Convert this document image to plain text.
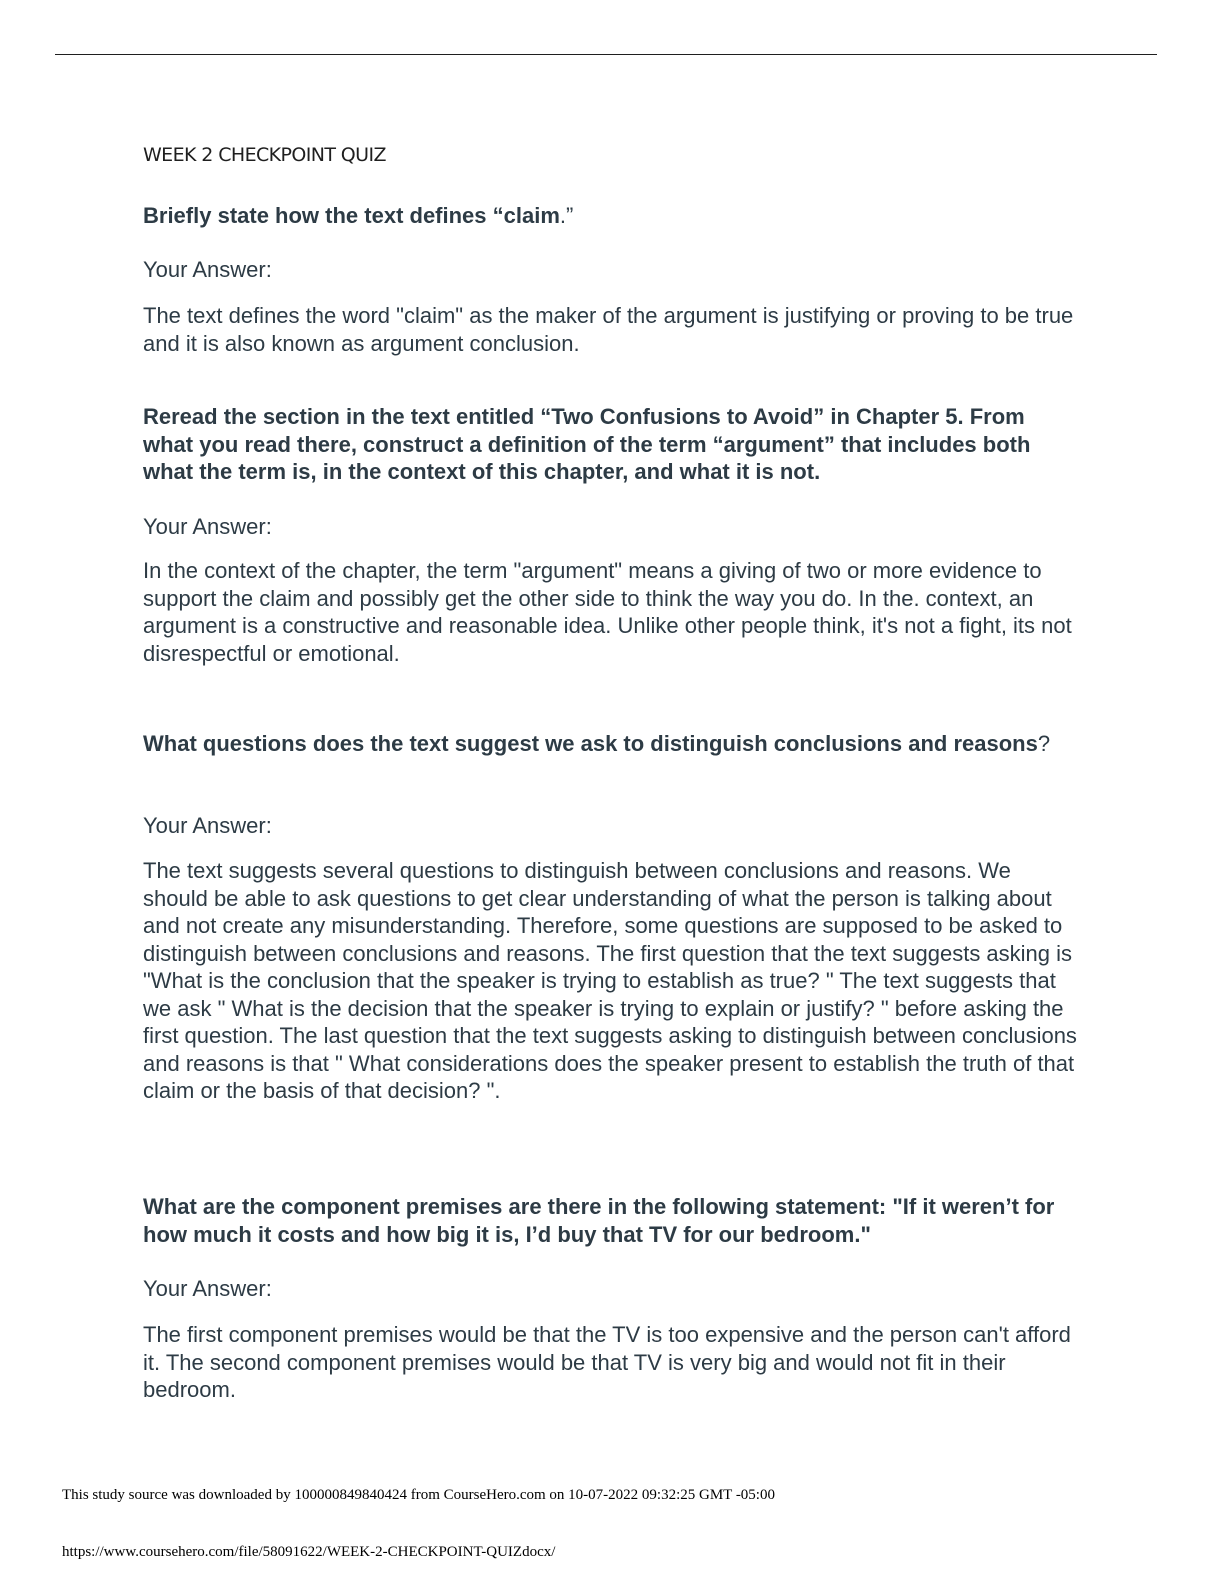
WEEK 2 CHECKPOINT QUIZ

Briefly state how the text defines “claim.”

Your Answer:

The text defines the word "claim" as the maker of the argument is justifying or proving to be true and it is also known as argument conclusion.

Reread the section in the text entitled “Two Confusions to Avoid” in Chapter 5. From what you read there, construct a definition of the term “argument” that includes both what the term is, in the context of this chapter, and what it is not.

Your Answer:

In the context of the chapter, the term "argument" means a giving of two or more evidence to support the claim and possibly get the other side to think the way you do. In the. context, an argument is a constructive and reasonable idea. Unlike other people think, it's not a fight, its not disrespectful or emotional.

What questions does the text suggest we ask to distinguish conclusions and reasons?

Your Answer:

The text suggests several questions to distinguish between conclusions and reasons. We should be able to ask questions to get clear understanding of what the person is talking about and not create any misunderstanding. Therefore, some questions are supposed to be asked to distinguish between conclusions and reasons. The first question that the text suggests asking is "What is the conclusion that the speaker is trying to establish as true? " The text suggests that we ask " What is the decision that the speaker is trying to explain or justify? " before asking the first question. The last question that the text suggests asking to distinguish between conclusions and reasons is that " What considerations does the speaker present to establish the truth of that claim or the basis of that decision? ".

What are the component premises are there in the following statement: "If it weren’t for how much it costs and how big it is, I’d buy that TV for our bedroom."

Your Answer:

The first component premises would be that the TV is too expensive and the person can't afford it. The second component premises would be that TV is very big and would not fit in their bedroom.

This study source was downloaded by 100000849840424 from CourseHero.com on 10-07-2022 09:32:25 GMT -05:00

https://www.coursehero.com/file/58091622/WEEK-2-CHECKPOINT-QUIZdocx/
